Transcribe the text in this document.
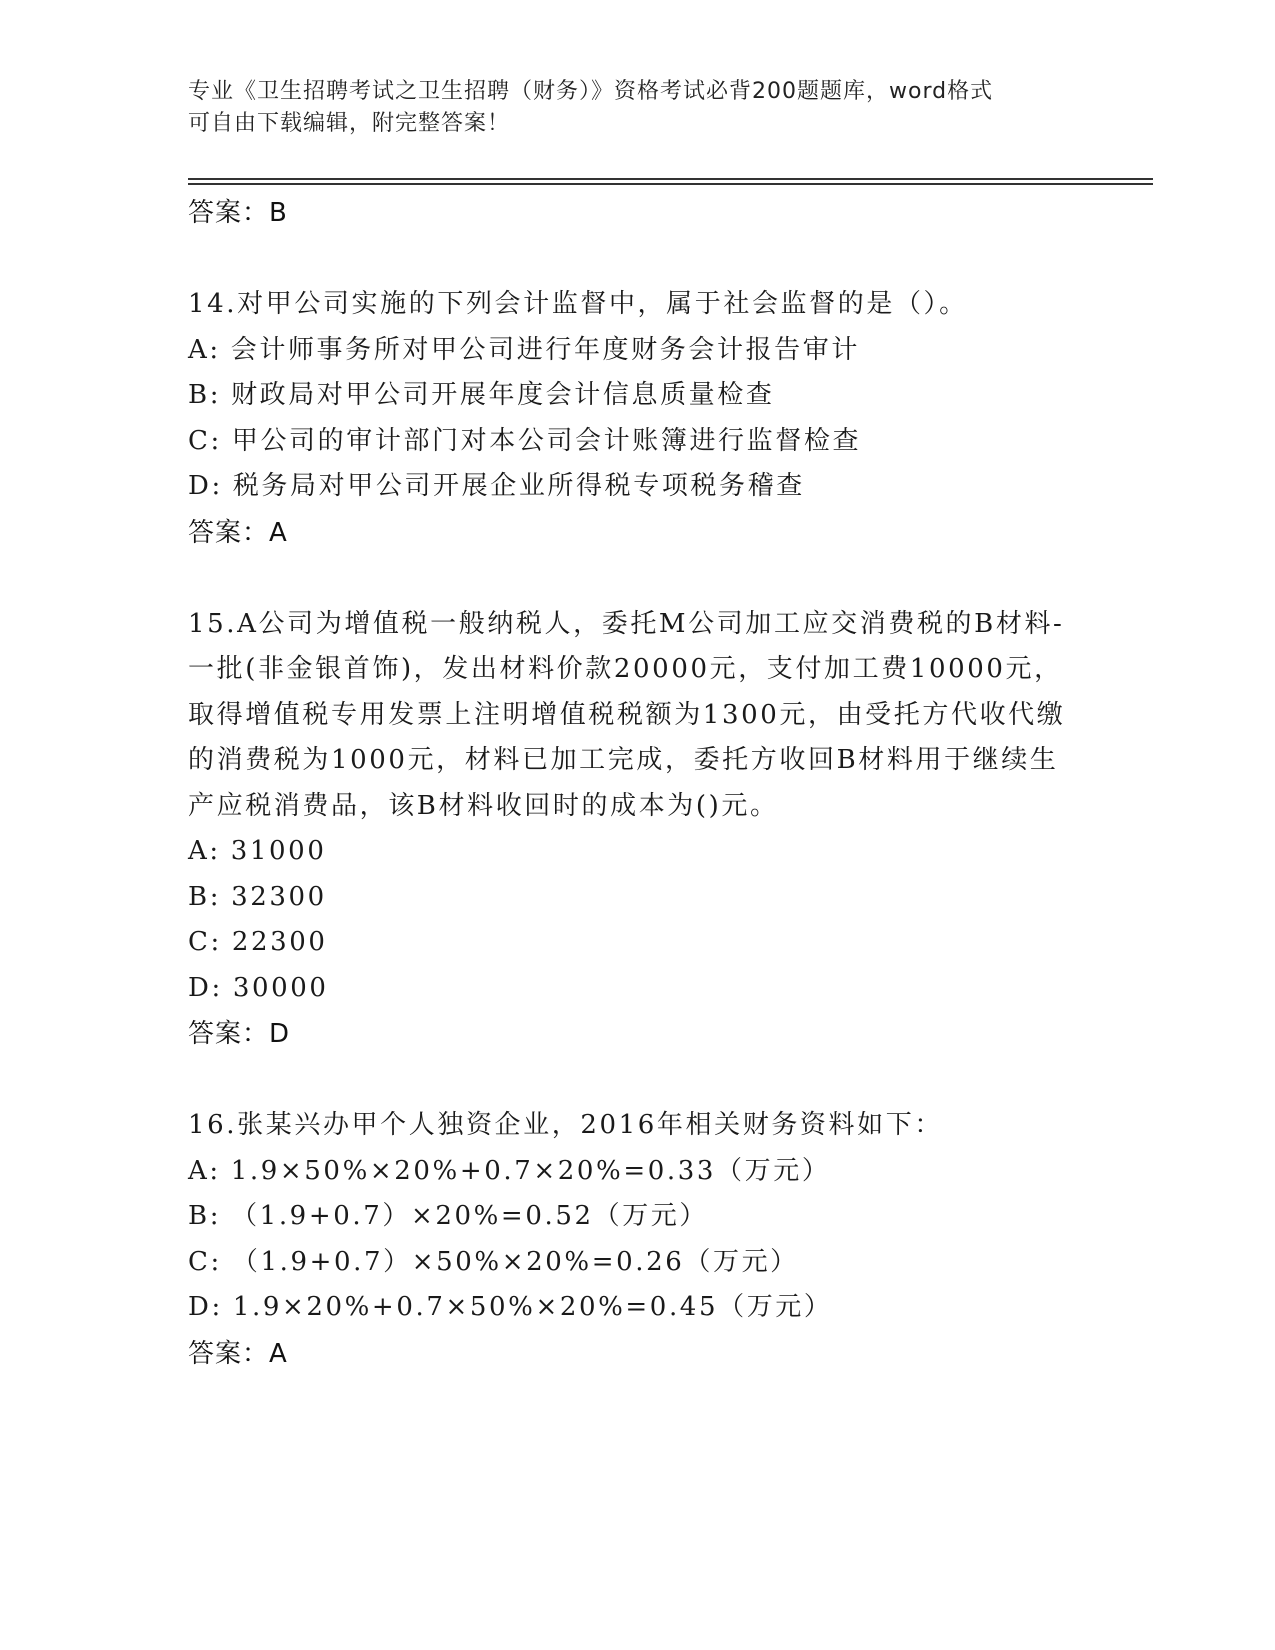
专业《卫生招聘考试之卫生招聘（财务）》资格考试必背200题题库，word格式
可自由下载编辑，附完整答案！
答案：B

14.对甲公司实施的下列会计监督中，属于社会监督的是（）。

A: 会计师事务所对甲公司进行年度财务会计报告审计
B: 财政局对甲公司开展年度会计信息质量检查
C: 甲公司的审计部门对本公司会计账簿进行监督检查
D: 税务局对甲公司开展企业所得税专项税务稽查
答案：A
15.A公司为增值税一般纳税人，委托M公司加工应交消费税的B材料-
一批(非金银首饰)，发出材料价款20000元，支付加工费10000元，
取得增值税专用发票上注明增值税税额为1300元，由受托方代收代缴
的消费税为1000元，材料已加工完成，委托方收回B材料用于继续生
产应税消费品，该B材料收回时的成本为()元。
A: 31000
B: 32300
C: 22300
D: 30000
答案：D

16.张某兴办甲个人独资企业，2016年相关财务资料如下：

A: 1.9×50%×20%+0.7×20%=0.33（万元）
B: （1.9+0.7）×20%=0.52（万元）
C: （1.9+0.7）×50%×20%=0.26（万元）
D: 1.9×20%+0.7×50%×20%=0.45（万元）
答案：A
